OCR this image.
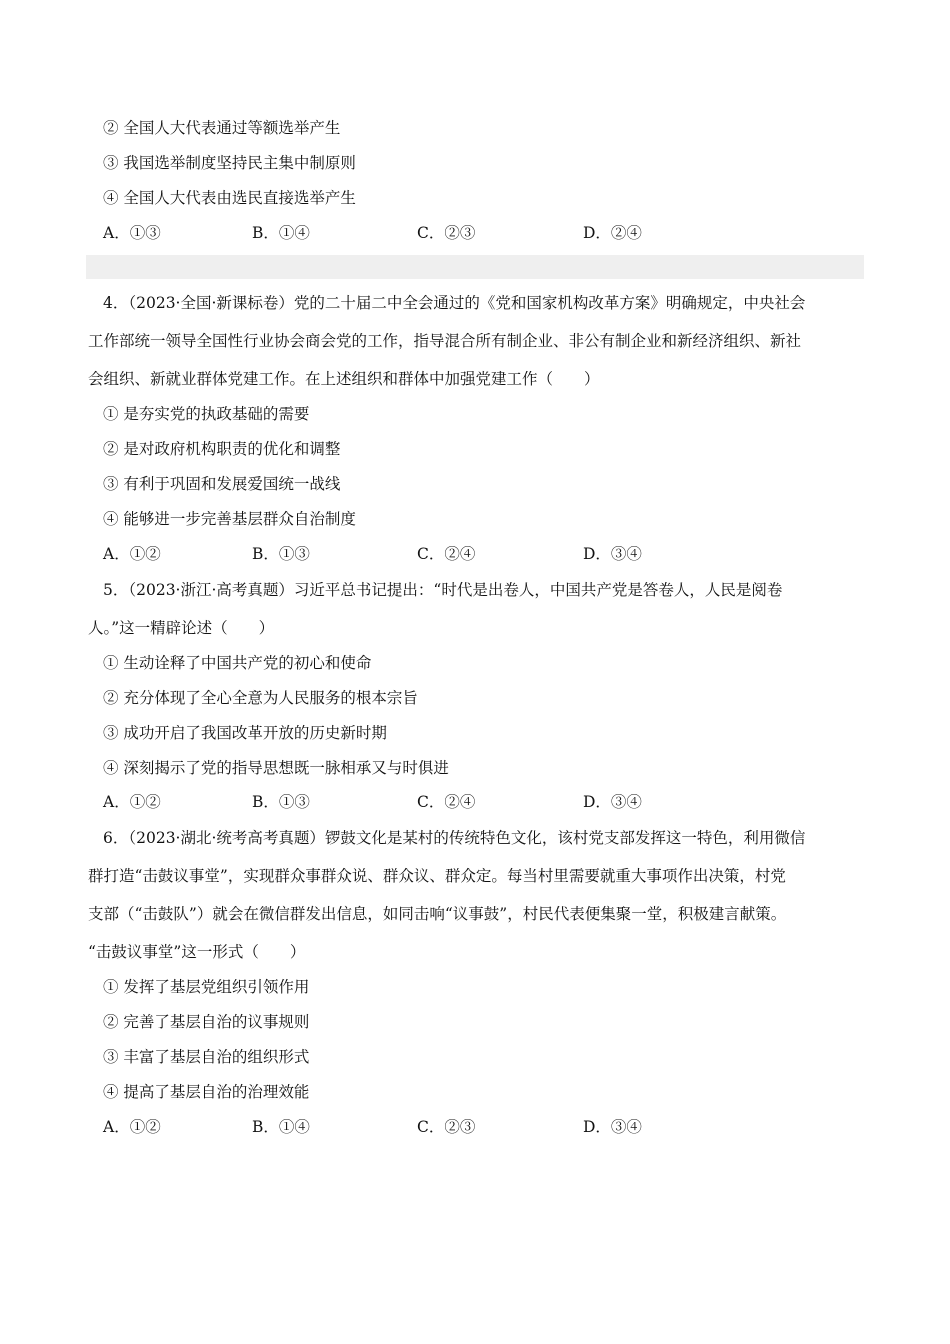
② 全国人大代表通过等额选举产生
③ 我国选举制度坚持民主集中制原则
④ 全国人大代表由选民直接选举产生
A．①③	B．①④	C．②③	D．②④
4．（2023·全国·新课标卷）党的二十届二中全会通过的《党和国家机构改革方案》明确规定，中央社会
工作部统一领导全国性行业协会商会党的工作，指导混合所有制企业、非公有制企业和新经济组织、新社
会组织、新就业群体党建工作。在上述组织和群体中加强党建工作（　　）
① 是夯实党的执政基础的需要
② 是对政府机构职责的优化和调整
③ 有利于巩固和发展爱国统一战线
④ 能够进一步完善基层群众自治制度
A．①②	B．①③	C．②④	D．③④
5．（2023·浙江·高考真题）习近平总书记提出：“时代是出卷人，中国共产党是答卷人，人民是阅卷
人。”这一精辟论述（　　）
① 生动诠释了中国共产党的初心和使命
② 充分体现了全心全意为人民服务的根本宗旨
③ 成功开启了我国改革开放的历史新时期
④ 深刻揭示了党的指导思想既一脉相承又与时俱进
A．①②	B．①③	C．②④	D．③④
6．（2023·湖北·统考高考真题）锣鼓文化是某村的传统特色文化，该村党支部发挥这一特色，利用微信
群打造“击鼓议事堂”，实现群众事群众说、群众议、群众定。每当村里需要就重大事项作出决策，村党
支部（“击鼓队”）就会在微信群发出信息，如同击响“议事鼓”，村民代表便集聚一堂，积极建言献策。
“击鼓议事堂”这一形式（　　）
① 发挥了基层党组织引领作用
② 完善了基层自治的议事规则
③ 丰富了基层自治的组织形式
④ 提高了基层自治的治理效能
A．①②	B．①④	C．②③	D．③④
